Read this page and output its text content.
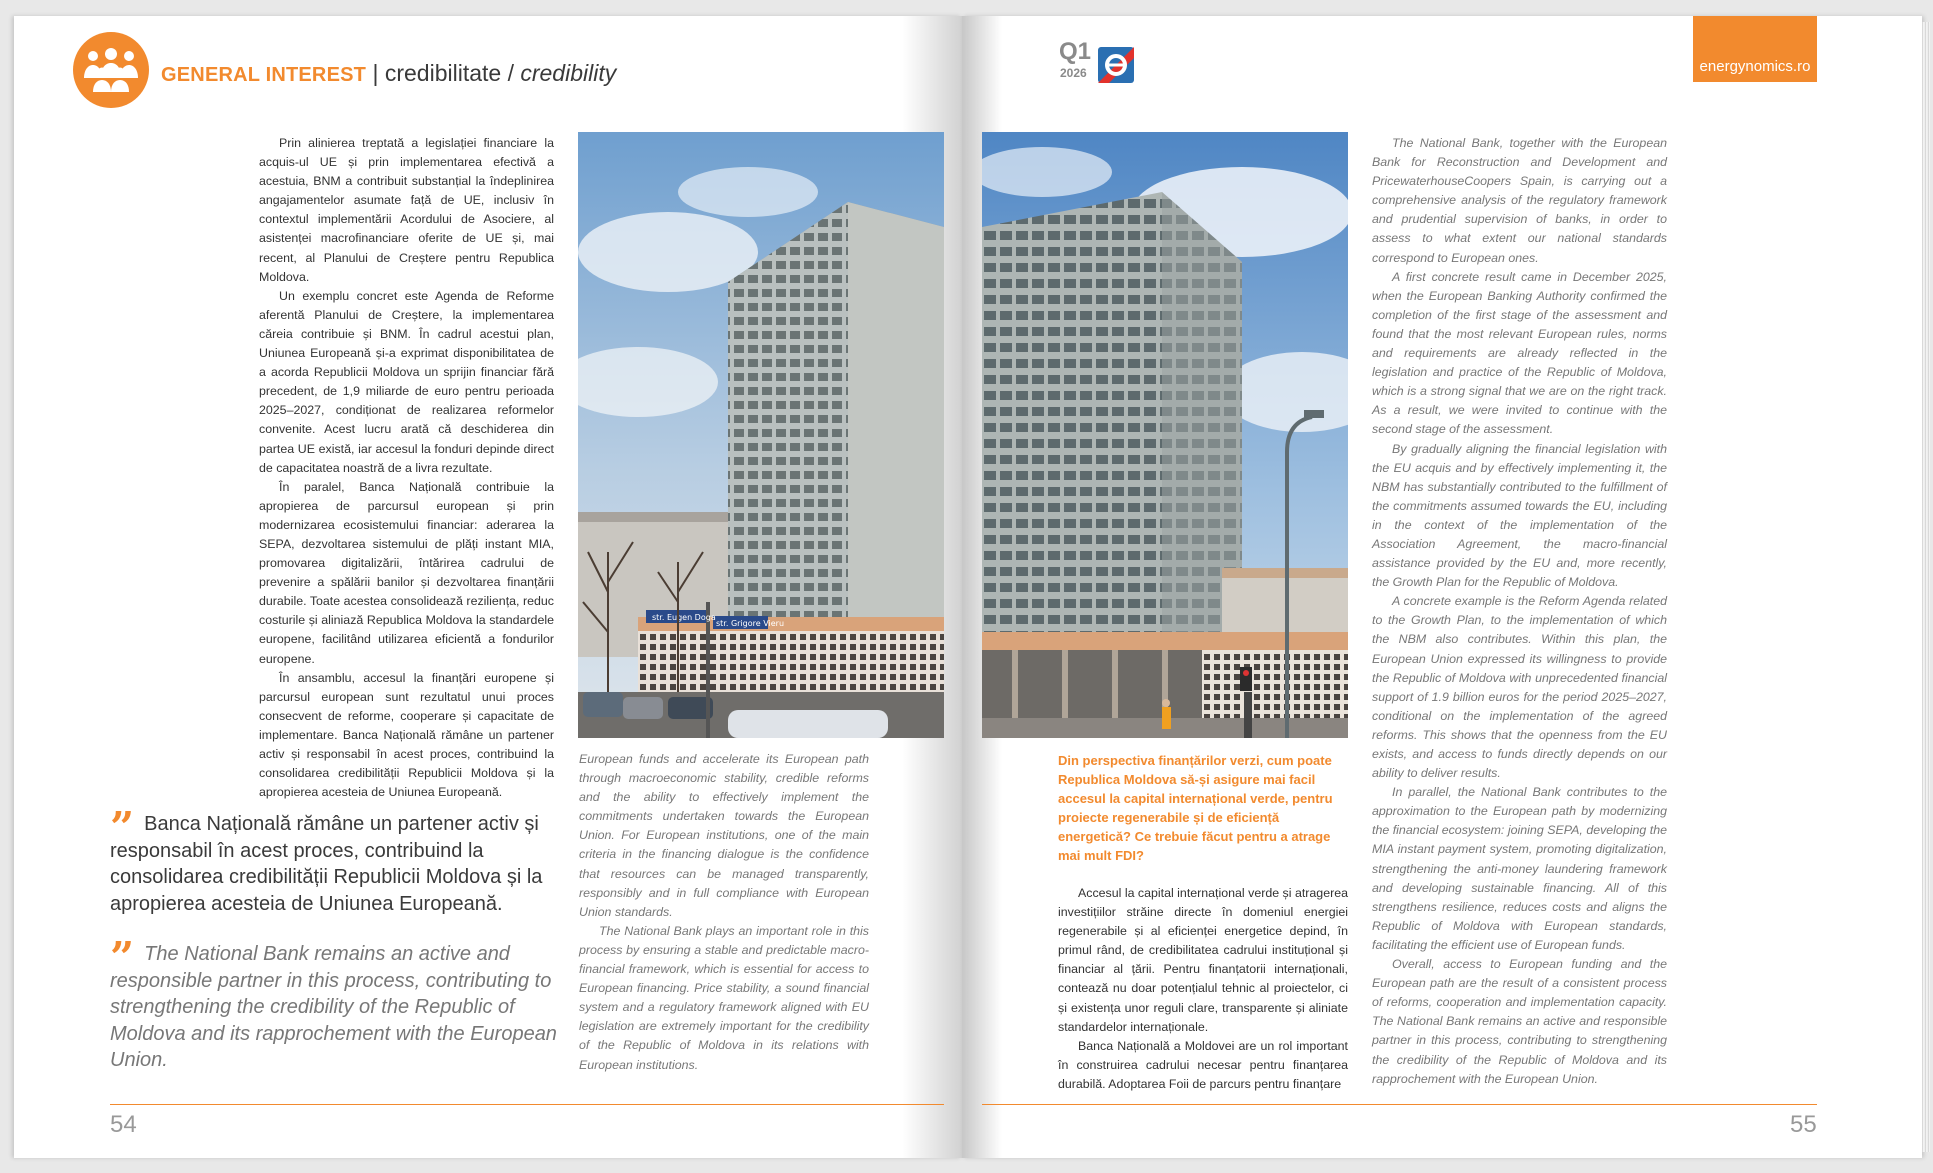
GENERAL INTEREST | credibilitate / credibility

Prin alinierea treptată a legislației financiare la acquis-ul UE și prin implementarea efectivă a acestuia, BNM a contribuit substanțial la îndeplinirea angajamentelor asumate față de UE, inclusiv în contextul implementării Acordului de Asociere, al asistenței macrofinanciare oferite de UE și, mai recent, al Planului de Creștere pentru Republica Moldova.

Un exemplu concret este Agenda de Reforme aferentă Planului de Creștere, la implementarea căreia contribuie și BNM. În cadrul acestui plan, Uniunea Europeană și-a exprimat disponibilitatea de a acorda Republicii Moldova un sprijin financiar fără precedent, de 1,9 miliarde de euro pentru perioada 2025–2027, condiționat de realizarea reformelor convenite. Acest lucru arată că deschiderea din partea UE există, iar accesul la fonduri depinde direct de capacitatea noastră de a livra rezultate.

În paralel, Banca Națională contribuie la apropierea de parcursul european și prin modernizarea ecosistemului financiar: aderarea la SEPA, dezvoltarea sistemului de plăți instant MIA, promovarea digitalizării, întărirea cadrului de prevenire a spălării banilor și dezvoltarea finanțării durabile. Toate acestea consolidează reziliența, reduc costurile și aliniază Republica Moldova la standardele europene, facilitând utilizarea eficientă a fondurilor europene.

În ansamblu, accesul la finanțări europene și parcursul european sunt rezultatul unui proces consecvent de reforme, cooperare și capacitate de implementare. Banca Națională rămâne un partener activ și responsabil în acest proces, contribuind la consolidarea credibilității Republicii Moldova și la apropierea acesteia de Uniunea Europeană.

str. Eugen Doga
str. Grigore Vieru

European funds and accelerate its European path through macroeconomic stability, credible reforms and the ability to effectively implement the commitments undertaken towards the European Union. For European institutions, one of the main criteria in the financing dialogue is the confidence that resources can be managed transparently, responsibly and in full compliance with European Union standards.

The National Bank plays an important role in this process by ensuring a stable and predictable macro-financial framework, which is essential for access to European financing. Price stability, a sound financial system and a regulatory framework aligned with EU legislation are extremely important for the credibility of the Republic of Moldova in its relations with European institutions.

” Banca Națională rămâne un partener activ și responsabil în acest proces, contribuind la consolidarea credibilității Republicii Moldova și la apropierea acesteia de Uniunea Europeană.
” The National Bank remains an active and responsible partner in this process, contributing to strengthening the credibility of the Republic of Moldova and its rapprochement with the European Union.
54
Q1
2026	energynomics.ro
Din perspectiva finanțărilor verzi, cum poate Republica Moldova să-și asigure mai facil accesul la capital internațional verde, pentru proiecte regenerabile și de eficiență energetică? Ce trebuie făcut pentru a atrage mai mult FDI?

Accesul la capital internațional verde și atragerea investițiilor străine directe în domeniul energiei regenerabile și al eficienței energetice depind, în primul rând, de credibilitatea cadrului instituțional și financiar al țării. Pentru finanțatorii internaționali, contează nu doar potențialul tehnic al proiectelor, ci și existența unor reguli clare, transparente și aliniate standardelor internaționale.

Banca Națională a Moldovei are un rol important în construirea cadrului necesar pentru finanțarea durabilă. Adoptarea Foii de parcurs pentru finanțare

The National Bank, together with the European Bank for Reconstruction and Development and PricewaterhouseCoopers Spain, is carrying out a comprehensive analysis of the regulatory framework and prudential supervision of banks, in order to assess to what extent our national standards correspond to European ones.

A first concrete result came in December 2025, when the European Banking Authority confirmed the completion of the first stage of the assessment and found that the most relevant European rules, norms and requirements are already reflected in the legislation and practice of the Republic of Moldova, which is a strong signal that we are on the right track. As a result, we were invited to continue with the second stage of the assessment.

By gradually aligning the financial legislation with the EU acquis and by effectively implementing it, the NBM has substantially contributed to the fulfillment of the commitments assumed towards the EU, including in the context of the implementation of the Association Agreement, the macro-financial assistance provided by the EU and, more recently, the Growth Plan for the Republic of Moldova.

A concrete example is the Reform Agenda related to the Growth Plan, to the implementation of which the NBM also contributes. Within this plan, the European Union expressed its willingness to provide the Republic of Moldova with unprecedented financial support of 1.9 billion euros for the period 2025–2027, conditional on the implementation of the agreed reforms. This shows that the openness from the EU exists, and access to funds directly depends on our ability to deliver results.

In parallel, the National Bank contributes to the approximation to the European path by modernizing the financial ecosystem: joining SEPA, developing the MIA instant payment system, promoting digitalization, strengthening the anti-money laundering framework and developing sustainable financing. All of this strengthens resilience, reduces costs and aligns the Republic of Moldova with European standards, facilitating the efficient use of European funds.

Overall, access to European funding and the European path are the result of a consistent process of reforms, cooperation and implementation capacity. The National Bank remains an active and responsible partner in this process, contributing to strengthening the credibility of the Republic of Moldova and its rapprochement with the European Union.

55
